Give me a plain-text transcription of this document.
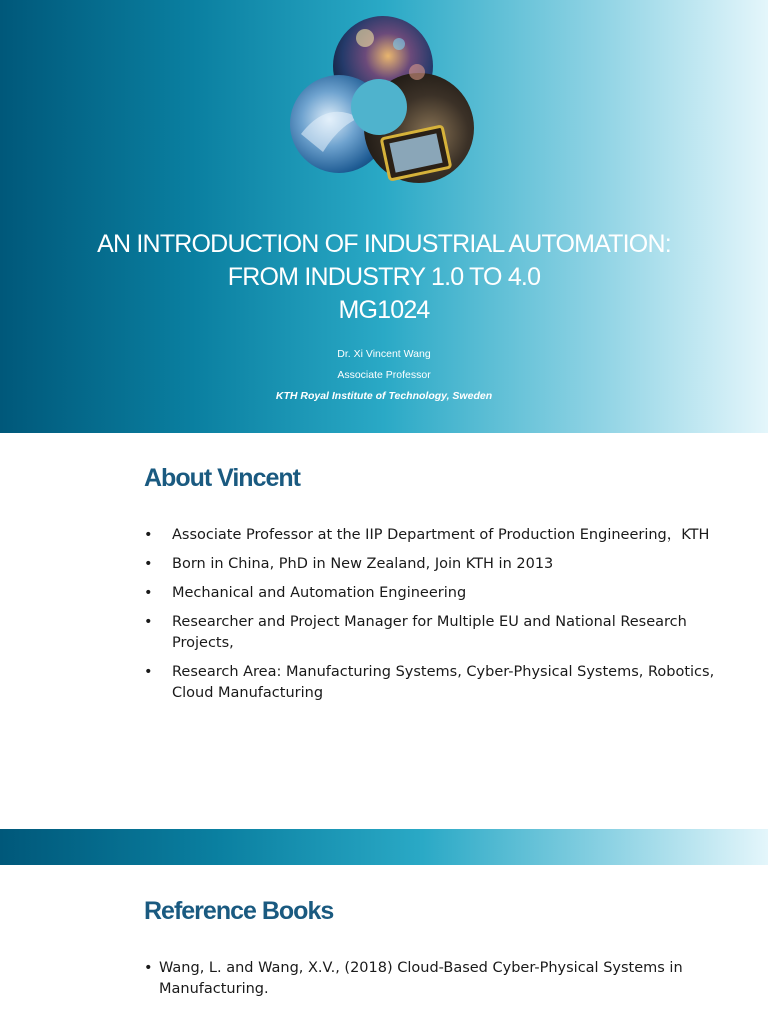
AN INTRODUCTION OF INDUSTRIAL AUTOMATION:
FROM INDUSTRY 1.0 TO 4.0
MG1024
Dr. Xi Vincent Wang
Associate Professor
KTH Royal Institute of Technology, Sweden
About Vincent
• Associate Professor at the IIP Department of Production Engineering，KTH
• Born in China, PhD in New Zealand, Join KTH in 2013
• Mechanical and Automation Engineering
• Researcher and Project Manager for Multiple EU and National Research Projects,
• Research Area: Manufacturing Systems, Cyber-Physical Systems, Robotics, Cloud Manufacturing
Reference Books
• Wang, L. and Wang, X.V., (2018) Cloud-Based Cyber-Physical Systems in Manufacturing.
